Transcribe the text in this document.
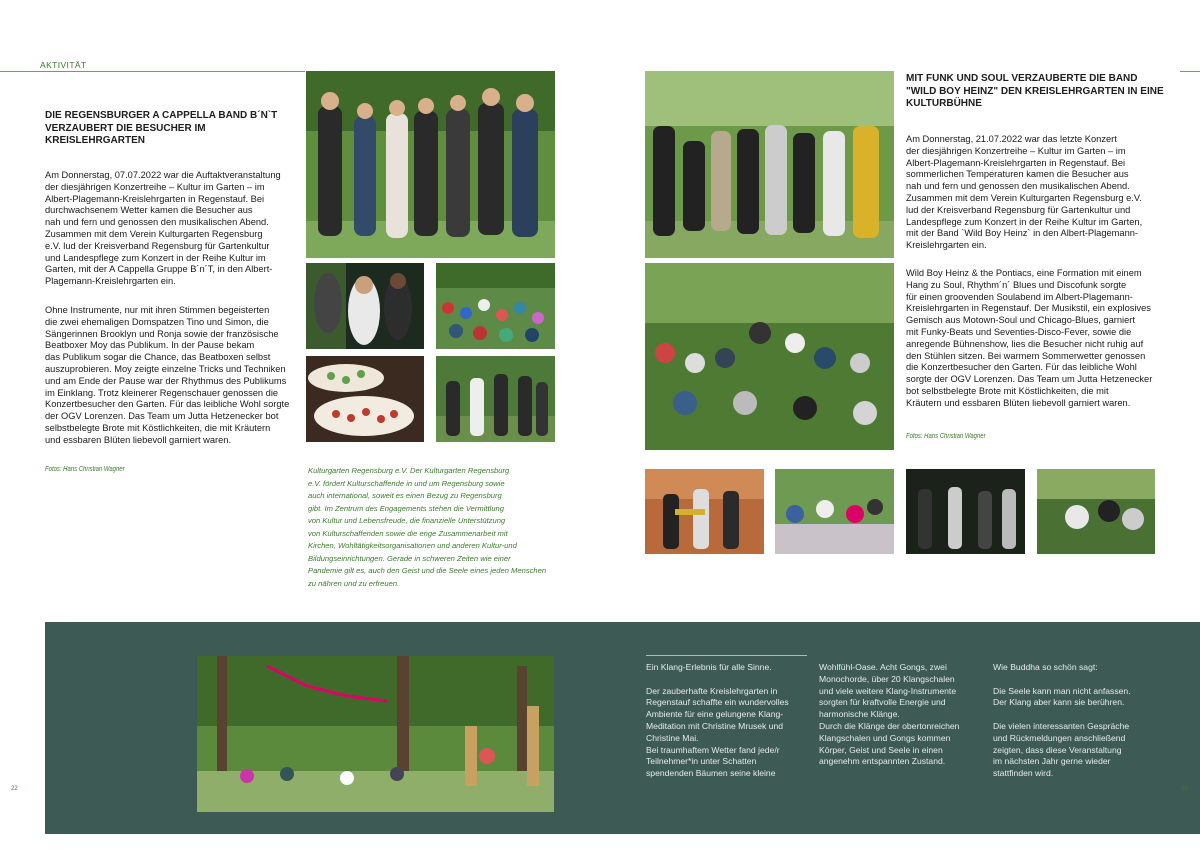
AKTIVITÄT
DIE REGENSBURGER A CAPPELLA BAND B´N`T VERZAUBERT DIE BESUCHER IM KREISLEHRGARTEN
Am Donnerstag, 07.07.2022 war die Auftaktveranstaltung
der diesjährigen Konzertreihe – Kultur im Garten – im
Albert-Plagemann-Kreislehrgarten in Regenstauf. Bei
durchwachsenem Wetter kamen die Besucher aus
nah und fern und genossen den musikalischen Abend.
Zusammen mit dem Verein Kulturgarten Regensburg
e.V. lud der Kreisverband Regensburg für Gartenkultur
und Landespflege zum Konzert in der Reihe Kultur im
Garten, mit der A Cappella Gruppe B´n´T, in den Albert-
Plagemann-Kreislehrgarten ein.
Ohne Instrumente, nur mit ihren Stimmen begeisterten
die zwei ehemaligen Domspatzen Tino und Simon, die
Sängerinnen Brooklyn und Ronja sowie der französische
Beatboxer Moy das Publikum. In der Pause bekam
das Publikum sogar die Chance, das Beatboxen selbst
auszuprobieren. Moy zeigte einzelne Tricks und Techniken
und am Ende der Pause war der Rhythmus des Publikums
im Einklang. Trotz kleinerer Regenschauer genossen die
Konzertbesucher den Garten. Für das leibliche Wohl sorgte
der OGV Lorenzen. Das Team um Jutta Hetzenecker bot
selbstbelegte Brote mit Köstlichkeiten, die mit Kräutern
und essbaren Blüten liebevoll garniert waren.
Fotos: Hans Christian Wagner	Kulturgarten Regensburg e.V. Der Kulturgarten Regensburg
e.V. fördert Kulturschaffende in und um Regensburg sowie
auch international, soweit es einen Bezug zu Regensburg
gibt. Im Zentrum des Engagements stehen die Vermittlung
von Kultur und Lebensfreude, die finanzielle Unterstützung
von Kulturschaffenden sowie die enge Zusammenarbeit mit
Kirchen, Wohltätigkeitsorganisationen und anderen Kultur-und
Bildungseinrichtungen. Gerade in schweren Zeiten wie einer
Pandemie gilt es, auch den Geist und die Seele eines jeden Menschen
zu nähren und zu erfreuen.
MIT FUNK UND SOUL VERZAUBERTE DIE BAND "WILD BOY HEINZ" DEN KREISLEHRGARTEN IN EINE KULTURBÜHNE
Am Donnerstag, 21.07.2022 war das letzte Konzert
der diesjährigen Konzertreihe – Kultur im Garten – im
Albert-Plagemann-Kreislehrgarten in Regenstauf. Bei
sommerlichen Temperaturen kamen die Besucher aus
nah und fern und genossen den musikalischen Abend.
Zusammen mit dem Verein Kulturgarten Regensburg e.V.
lud der Kreisverband Regensburg für Gartenkultur und
Landespflege zum Konzert in der Reihe Kultur im Garten,
mit der Band `Wild Boy Heinz` in den Albert-Plagemann-
Kreislehrgarten ein.
Wild Boy Heinz & the Pontiacs, eine Formation mit einem
Hang zu Soul, Rhythm´n´ Blues und Discofunk sorgte
für einen groovenden Soulabend im Albert-Plagemann-
Kreislehrgarten in Regenstauf. Der Musikstil, ein explosives
Gemisch aus Motown-Soul und Chicago-Blues, garniert
mit Funky-Beats und Seventies-Disco-Fever, sowie die
anregende Bühnenshow, lies die Besucher nicht ruhig auf
den Stühlen sitzen. Bei warmem Sommerwetter genossen
die Konzertbesucher den Garten. Für das leibliche Wohl
sorgte der OGV Lorenzen. Das Team um Jutta Hetzenecker
bot selbstbelegte Brote mit Köstlichkeiten, die mit
Kräutern und essbaren Blüten liebevoll garniert waren.
Fotos: Hans Christian Wagner
Ein Klang-Erlebnis für alle Sinne.

Der zauberhafte Kreislehrgarten in
Regenstauf schaffte ein wundervolles
Ambiente für eine gelungene Klang-
Meditation mit Christine Mrusek und
Christine Mai.
Bei traumhaftem Wetter fand jede/r
Teilnehmer*in unter Schatten
spendenden Bäumen seine kleine
Wohlfühl-Oase. Acht Gongs, zwei
Monochorde, über 20 Klangschalen
und viele weitere Klang-Instrumente
sorgten für kraftvolle Energie und
harmonische Klänge.
Durch die Klänge der obertonreichen
Klangschalen und Gongs kommen
Körper, Geist und Seele in einen
angenehm entspannten Zustand.
Wie Buddha so schön sagt:

Die Seele kann man nicht anfassen.
Der Klang aber kann sie berühren.

Die vielen interessanten Gespräche
und Rückmeldungen anschließend
zeigten, dass diese Veranstaltung
im nächsten Jahr gerne wieder
stattfinden wird.
22	23
